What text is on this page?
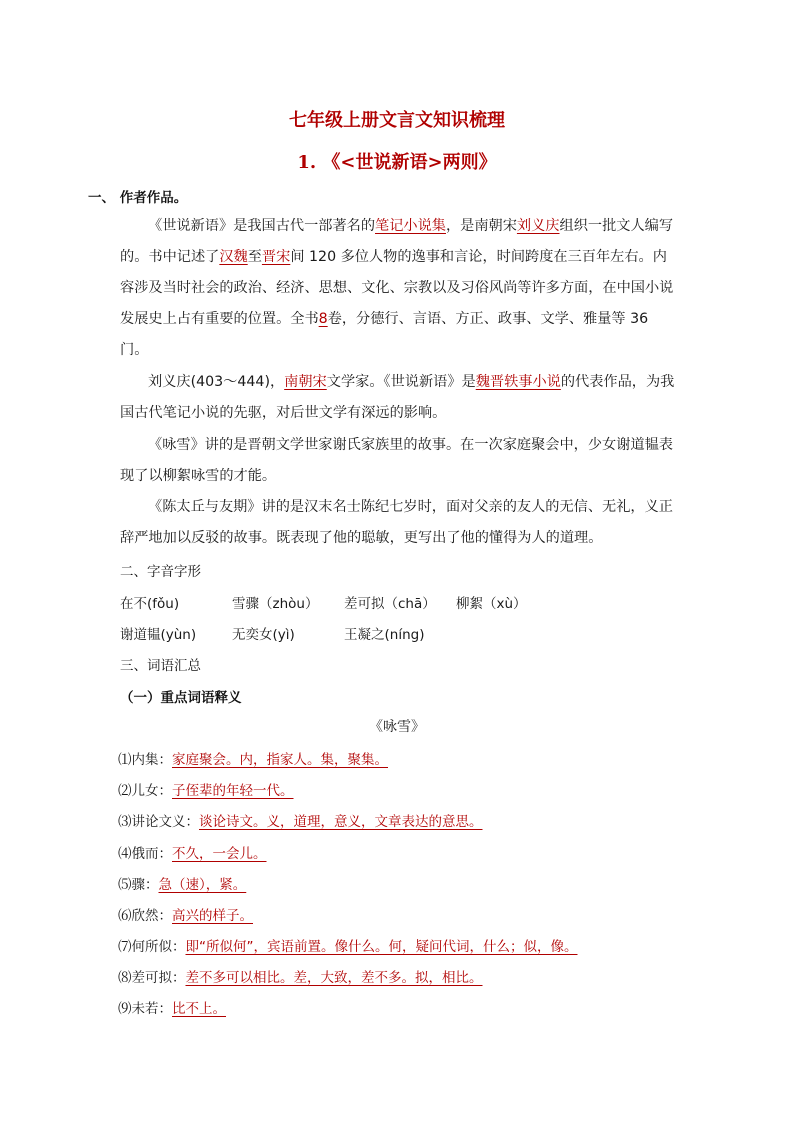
七年级上册文言文知识梳理
1. 《<世说新语>两则》
一、 作者作品。
《世说新语》是我国古代一部著名的笔记小说集，是南朝宋刘义庆组织一批文人编写的。书中记述了汉魏至晋宋间 120 多位人物的逸事和言论，时间跨度在三百年左右。内容涉及当时社会的政治、经济、思想、文化、宗教以及习俗风尚等许多方面，在中国小说发展史上占有重要的位置。全书8卷，分德行、言语、方正、政事、文学、雅量等 36门。
刘义庆(403～444)，南朝宋文学家。《世说新语》是魏晋轶事小说的代表作品，为我国古代笔记小说的先驱，对后世文学有深远的影响。
《咏雪》讲的是晋朝文学世家谢氏家族里的故事。在一次家庭聚会中，少女谢道韫表现了以柳絮咏雪的才能。
《陈太丘与友期》讲的是汉末名士陈纪七岁时，面对父亲的友人的无信、无礼，义正辞严地加以反驳的故事。既表现了他的聪敏，更写出了他的懂得为人的道理。
二、字音字形
在不(fǒu)	雪骤（zhòu） 差可拟（chā） 柳絮（xù）
谢道韫(yùn)	无奕女(yì)	王凝之(níng)
三、词语汇总
（一）重点词语释义
《咏雪》
⑴内集：家庭聚会。内，指家人。集，聚集。
⑵儿女：子侄辈的年轻一代。
⑶讲论文义：谈论诗文。义，道理，意义，文章表达的意思。
⑷俄而：不久，一会儿。
⑸骤：急（速），紧。
⑹欣然：高兴的样子。
⑺何所似：即“所似何”，宾语前置。像什么。何，疑问代词，什么；似，像。
⑻差可拟：差不多可以相比。差，大致，差不多。拟，相比。
⑼未若：比不上。
